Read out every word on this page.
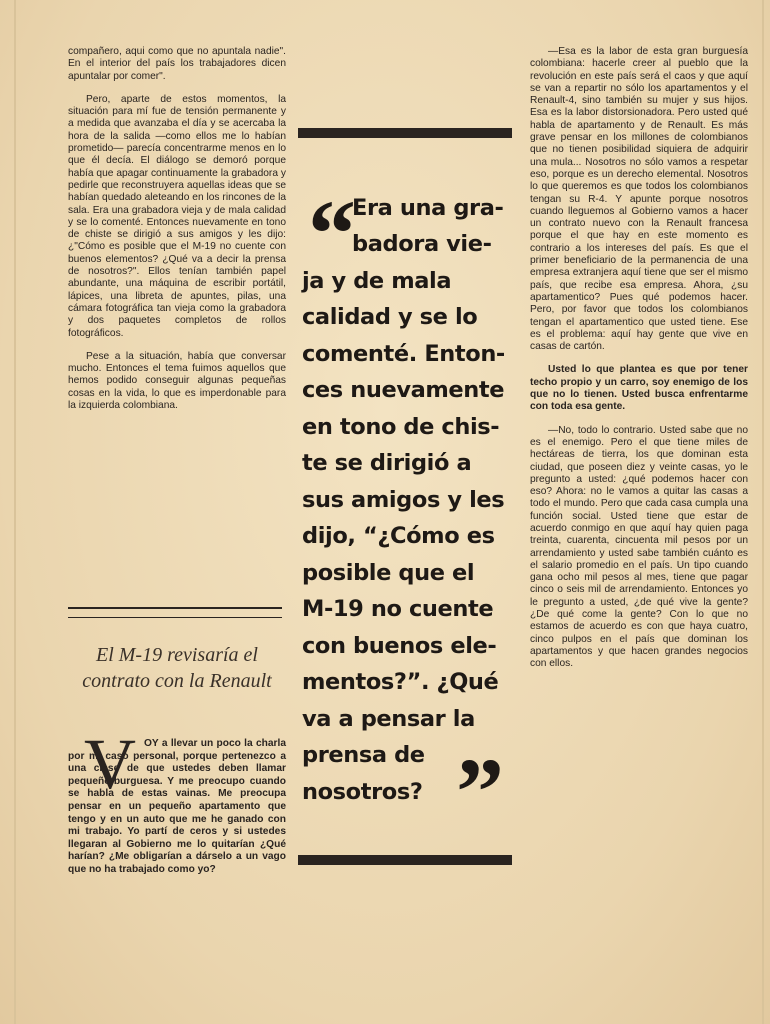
compañero, aqui como que no apuntala nadie". En el interior del país los trabajadores dicen apuntalar por comer".

Pero, aparte de estos momentos, la situación para mí fue de tensión permanente y a medida que avanzaba el día y se acercaba la hora de la salida —como ellos me lo habían prometido— parecía concentrarme menos en lo que él decía. El diálogo se demoró porque había que apagar continuamente la grabadora y pedirle que reconstruyera aquellas ideas que se habían quedado aleteando en los rincones de la sala. Era una grabadora vieja y de mala calidad y se lo comenté. Entonces nuevamente en tono de chiste se dirigió a sus amigos y les dijo: ¿"Cómo es posible que el M-19 no cuente con buenos elementos? ¿Qué va a decir la prensa de nosotros?". Ellos tenían también papel abundante, una máquina de escribir portátil, lápices, una libreta de apuntes, pilas, una cámara fotográfica tan vieja como la grabadora y dos paquetes completos de rollos fotográficos.

Pese a la situación, había que conversar mucho. Entonces el tema fuimos aquellos que hemos podido conseguir algunas pequeñas cosas en la vida, lo que es imperdonable para la izquierda colombiana.

El M-19 revisaría el contrato con la Renault
V OY a llevar un poco la charla por mi caso personal, porque pertenezco a una clase de que ustedes deben llamar pequeño-burguesa. Y me preocupo cuando se habla de estas vainas. Me preocupa pensar en un pequeño apartamento que tengo y en un auto que me he ganado con mi trabajo. Yo partí de ceros y si ustedes llegaran al Gobierno me lo quitarían ¿Qué harían? ¿Me obligarían a dárselo a un vago que no ha trabajado como yo?
“
Era una gra-
badora vie-
ja y de mala
calidad y se lo
comenté. Enton-
ces nuevamente
en tono de chis-
te se dirigió a
sus amigos y les
dijo, “¿Cómo es
posible que el
M-19 no cuente
con buenos ele-
mentos?”. ¿Qué
va a pensar la
prensa de
nosotros? ”

—Esa es la labor de esta gran burguesía colombiana: hacerle creer al pueblo que la revolución en este país será el caos y que aquí se van a repartir no sólo los apartamentos y el Renault-4, sino también su mujer y sus hijos. Esa es la labor distorsionadora. Pero usted qué habla de apartamento y de Renault. Es más grave pensar en los millones de colombianos que no tienen posibilidad siquiera de adquirir una mula... Nosotros no sólo vamos a respetar eso, porque es un derecho elemental. Nosotros lo que queremos es que todos los colombianos tengan su R-4. Y apunte porque nosotros cuando lleguemos al Gobierno vamos a hacer un contrato nuevo con la Renault francesa porque el que hay en este momento es contrario a los intereses del país. Es que el primer beneficiario de la permanencia de una empresa extranjera aquí tiene que ser el mismo país, que recibe esa empresa. Ahora, ¿su apartamentico? Pues qué podemos hacer. Pero, por favor que todos los colombianos tengan el apartamentico que usted tiene. Ese es el problema: aquí hay gente que vive en casas de cartón.

Usted lo que plantea es que por tener techo propio y un carro, soy enemigo de los que no lo tienen. Usted busca enfrentarme con toda esa gente.

—No, todo lo contrario. Usted sabe que no es el enemigo. Pero el que tiene miles de hectáreas de tierra, los que dominan esta ciudad, que poseen diez y veinte casas, yo le pregunto a usted: ¿qué podemos hacer con eso? Ahora: no le vamos a quitar las casas a todo el mundo. Pero que cada casa cumpla una función social. Usted tiene que estar de acuerdo conmigo en que aquí hay quien paga treinta, cuarenta, cincuenta mil pesos por un arrendamiento y usted sabe también cuánto es el salario promedio en el país. Un tipo cuando gana ocho mil pesos al mes, tiene que pagar cinco o seis mil de arrendamiento. Entonces yo le pregunto a usted, ¿de qué vive la gente? ¿De qué come la gente? Con lo que no estamos de acuerdo es con que haya cuatro, cinco pulpos en el país que dominan los apartamentos y que hacen grandes negocios con ellos.
